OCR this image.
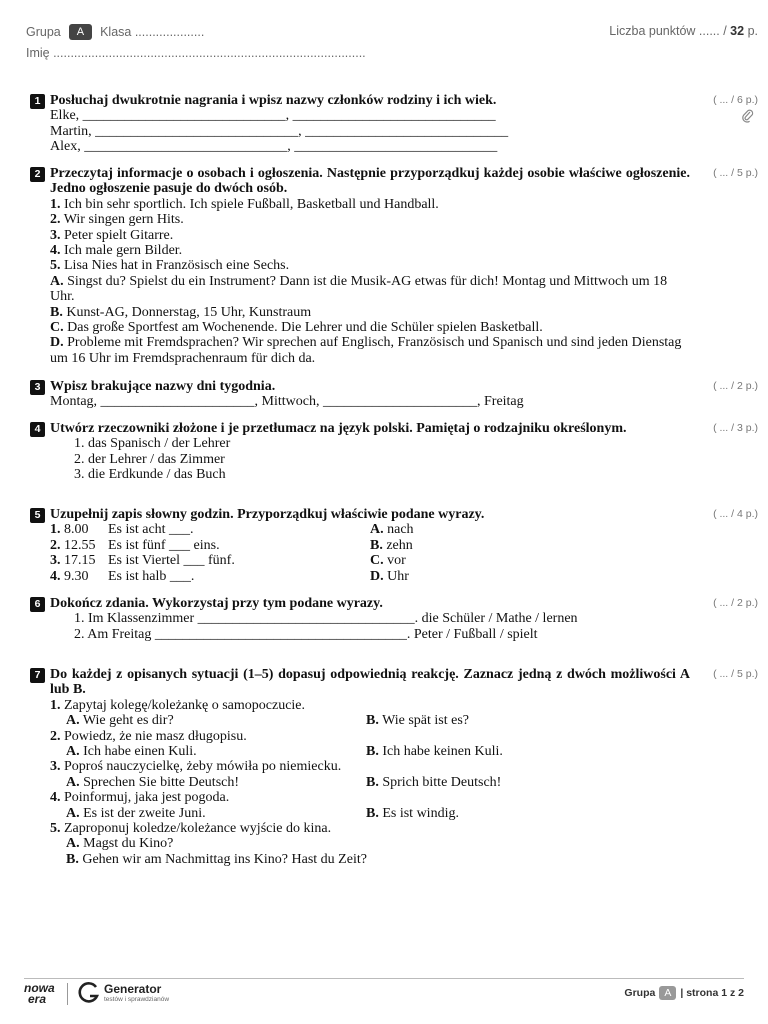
Grupa	A	Klasa ....................	Liczba punktów ...... / 32 p.
Imię ..........................................................................................
1 Posłuchaj dwukrotnie nagrania i wpisz nazwy członków rodziny i ich wiek.
Elke, _____________________________, _____________________________
Martin, _____________________________, _____________________________
Alex, _____________________________, _____________________________
( ... / 6 p.)
2 Przeczytaj informacje o osobach i ogłoszenia. Następnie przyporządkuj każdej osobie właściwe ogłoszenie. Jedno ogłoszenie pasuje do dwóch osób.
1. Ich bin sehr sportlich. Ich spiele Fußball, Basketball und Handball.
2. Wir singen gern Hits.
3. Peter spielt Gitarre.
4. Ich male gern Bilder.
5. Lisa Nies hat in Französisch eine Sechs.
A. Singst du? Spielst du ein Instrument? Dann ist die Musik-AG etwas für dich! Montag und Mittwoch um 18 Uhr.
B. Kunst-AG, Donnerstag, 15 Uhr, Kunstraum
C. Das große Sportfest am Wochenende. Die Lehrer und die Schüler spielen Basketball.
D. Probleme mit Fremdsprachen? Wir sprechen auf Englisch, Französisch und Spanisch und sind jeden Dienstag um 16 Uhr im Fremdsprachenraum für dich da.
( ... / 5 p.)
3 Wpisz brakujące nazwy dni tygodnia.
Montag, ______________________, Mittwoch, ______________________, Freitag
( ... / 2 p.)
4 Utwórz rzeczowniki złożone i je przetłumacz na język polski. Pamiętaj o rodzajniku określonym.
1. das Spanisch / der Lehrer
2. der Lehrer / das Zimmer
3. die Erdkunde / das Buch
( ... / 3 p.)
5 Uzupełnij zapis słowny godzin. Przyporządkuj właściwie podane wyrazy.
1. 8.00 Es ist acht ___.	A. nach
2. 12.55 Es ist fünf ___ eins.	B. zehn
3. 17.15 Es ist Viertel ___ fünf.	C. vor
4. 9.30 Es ist halb ___.	D. Uhr
( ... / 4 p.)
6 Dokończ zdania. Wykorzystaj przy tym podane wyrazy.
1. Im Klassenzimmer _______________________________. die Schüler / Mathe / lernen
2. Am Freitag ____________________________________. Peter / Fußball / spielt
( ... / 2 p.)
7 Do każdej z opisanych sytuacji (1–5) dopasuj odpowiednią reakcję. Zaznacz jedną z dwóch możliwości A lub B.
1. Zapytaj kolegę/koleżankę o samopoczucie.
A. Wie geht es dir?	B. Wie spät ist es?
2. Powiedz, że nie masz długopisu.
A. Ich habe einen Kuli.	B. Ich habe keinen Kuli.
3. Poproś nauczycielkę, żeby mówiła po niemiecku.
A. Sprechen Sie bitte Deutsch!	B. Sprich bitte Deutsch!
4. Poinformuj, jaka jest pogoda.
A. Es ist der zweite Juni.	B. Es ist windig.
5. Zaproponuj koledze/koleżance wyjście do kina.
A. Magst du Kino?
B. Gehen wir am Nachmittag ins Kino? Hast du Zeit?
( ... / 5 p.)
nowa
era
Generator
testów i sprawdzianów
Grupa A | strona 1 z 2
